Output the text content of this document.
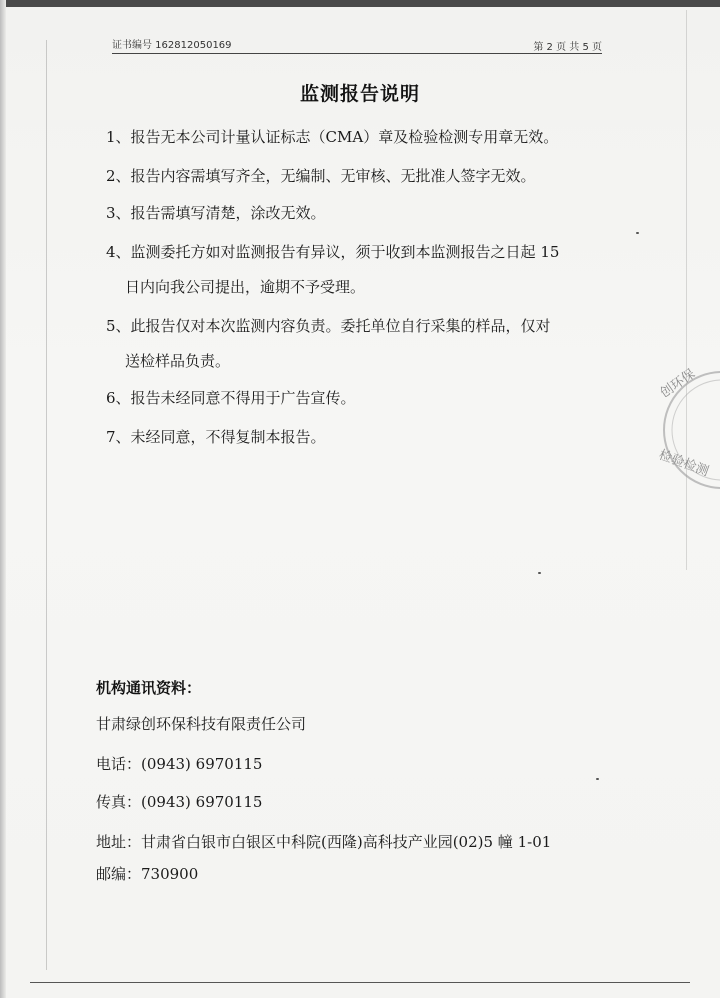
证书编号 162812050169	第 2 页 共 5 页
监测报告说明
1、报告无本公司计量认证标志（CMA）章及检验检测专用章无效。
2、报告内容需填写齐全，无编制、无审核、无批准人签字无效。
3、报告需填写清楚，涂改无效。
4、监测委托方如对监测报告有异议，须于收到本监测报告之日起 15
日内向我公司提出，逾期不予受理。
5、此报告仅对本次监测内容负责。委托单位自行采集的样品，仅对
送检样品负责。
6、报告未经同意不得用于广告宣传。
7、未经同意，不得复制本报告。
机构通讯资料：
甘肃绿创环保科技有限责任公司
电话：(0943) 6970115
传真：(0943) 6970115
地址：甘肃省白银市白银区中科院(西隆)高科技产业园(02)5 幢 1-01
邮编：730900
创环保
检验检测
